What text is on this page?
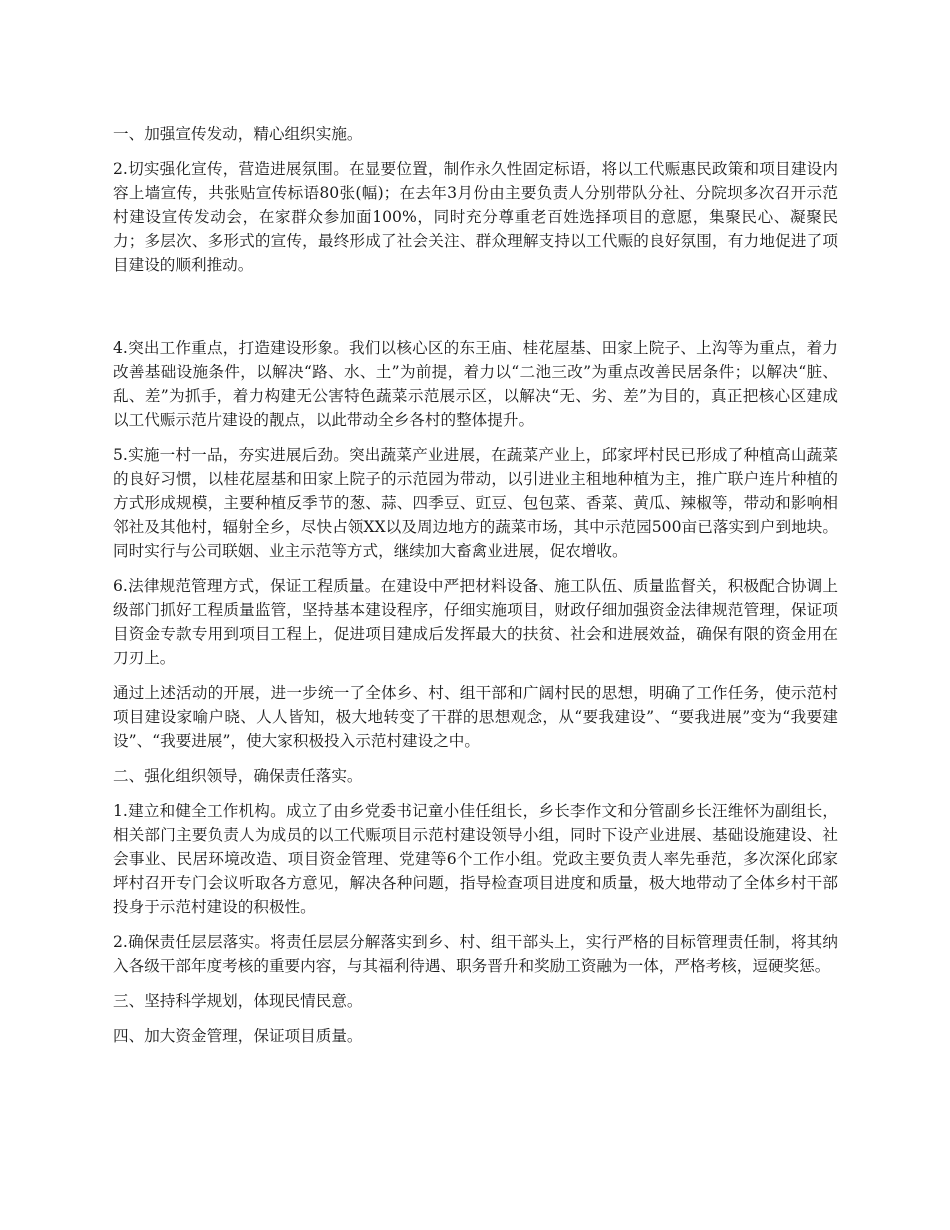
一、加强宣传发动，精心组织实施。

2.切实强化宣传，营造进展氛围。在显要位置，制作永久性固定标语，将以工代赈惠民政策和项目建设内容上墙宣传，共张贴宣传标语80张(幅)；在去年3月份由主要负责人分别带队分社、分院坝多次召开示范村建设宣传发动会，在家群众参加面100%，同时充分尊重老百姓选择项目的意愿，集聚民心、凝聚民力；多层次、多形式的宣传，最终形成了社会关注、群众理解支持以工代赈的良好氛围，有力地促进了项目建设的顺利推动。

4.突出工作重点，打造建设形象。我们以核心区的东王庙、桂花屋基、田家上院子、上沟等为重点，着力改善基础设施条件，以解决“路、水、土”为前提，着力以“二池三改”为重点改善民居条件；以解决“脏、乱、差”为抓手，着力构建无公害特色蔬菜示范展示区，以解决“无、劣、差”为目的，真正把核心区建成以工代赈示范片建设的靓点，以此带动全乡各村的整体提升。

5.实施一村一品，夯实进展后劲。突出蔬菜产业进展，在蔬菜产业上，邱家坪村民已形成了种植高山蔬菜的良好习惯，以桂花屋基和田家上院子的示范园为带动，以引进业主租地种植为主，推广联户连片种植的方式形成规模，主要种植反季节的葱、蒜、四季豆、豇豆、包包菜、香菜、黄瓜、辣椒等，带动和影响相邻社及其他村，辐射全乡，尽快占领XX以及周边地方的蔬菜市场，其中示范园500亩已落实到户到地块。同时实行与公司联姻、业主示范等方式，继续加大畜禽业进展，促农增收。

6.法律规范管理方式，保证工程质量。在建设中严把材料设备、施工队伍、质量监督关，积极配合协调上级部门抓好工程质量监管，坚持基本建设程序，仔细实施项目，财政仔细加强资金法律规范管理，保证项目资金专款专用到项目工程上，促进项目建成后发挥最大的扶贫、社会和进展效益，确保有限的资金用在刀刃上。

通过上述活动的开展，进一步统一了全体乡、村、组干部和广阔村民的思想，明确了工作任务，使示范村项目建设家喻户晓、人人皆知，极大地转变了干群的思想观念，从“要我建设”、“要我进展”变为“我要建设”、“我要进展”，使大家积极投入示范村建设之中。

二、强化组织领导，确保责任落实。

1.建立和健全工作机构。成立了由乡党委书记童小佳任组长，乡长李作文和分管副乡长汪维怀为副组长，相关部门主要负责人为成员的以工代赈项目示范村建设领导小组，同时下设产业进展、基础设施建设、社会事业、民居环境改造、项目资金管理、党建等6个工作小组。党政主要负责人率先垂范，多次深化邱家坪村召开专门会议听取各方意见，解决各种问题，指导检查项目进度和质量，极大地带动了全体乡村干部投身于示范村建设的积极性。

2.确保责任层层落实。将责任层层分解落实到乡、村、组干部头上，实行严格的目标管理责任制，将其纳入各级干部年度考核的重要内容，与其福利待遇、职务晋升和奖励工资融为一体，严格考核，逗硬奖惩。

三、坚持科学规划，体现民情民意。

四、加大资金管理，保证项目质量。
